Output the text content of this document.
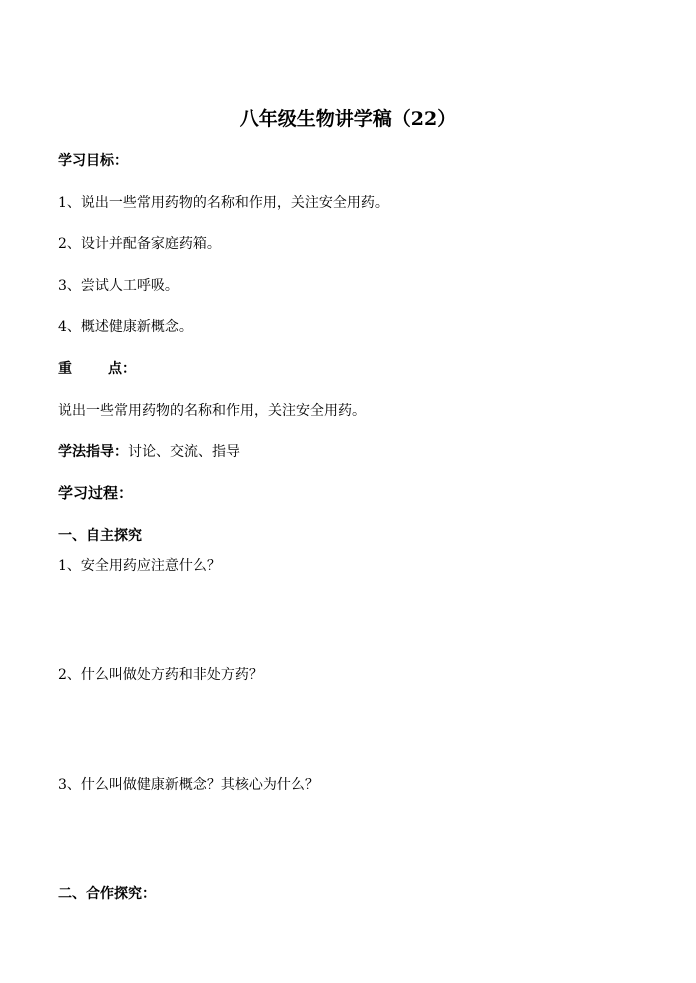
八年级生物讲学稿（22）
学习目标：
1、说出一些常用药物的名称和作用，关注安全用药。
2、设计并配备家庭药箱。
3、尝试人工呼吸。
4、概述健康新概念。
重	点：
说出一些常用药物的名称和作用，关注安全用药。
学法指导：讨论、交流、指导
学习过程：
一、自主探究
1、安全用药应注意什么？
2、什么叫做处方药和非处方药？
3、什么叫做健康新概念？其核心为什么？
二、合作探究：
